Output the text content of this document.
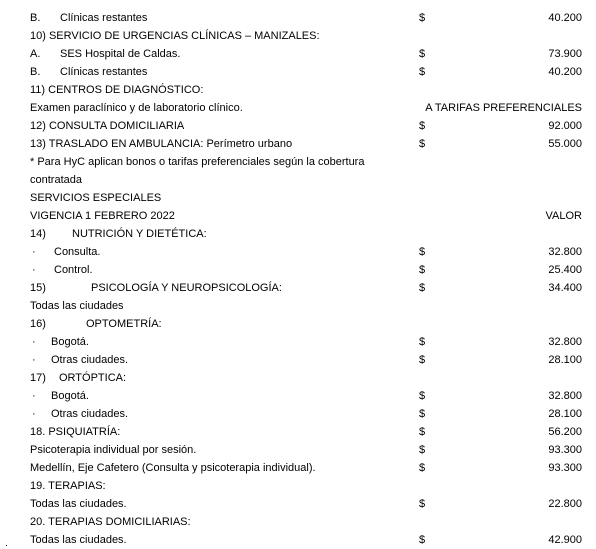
B. Clínicas restantes	$	40.200
10) SERVICIO DE URGENCIAS CLÍNICAS – MANIZALES:
A. SES Hospital de Caldas.	$	73.900
B. Clínicas restantes	$	40.200
11) CENTROS DE DIAGNÓSTICO:
Examen paraclínico y de laboratorio clínico.	A TARIFAS PREFERENCIALES
12) CONSULTA DOMICILIARIA	$	92.000
13) TRASLADO EN AMBULANCIA: Perímetro urbano	$	55.000
* Para HyC aplican bonos o tarifas preferenciales según la cobertura
contratada
SERVICIOS ESPECIALES
VIGENCIA 1 FEBRERO 2022	VALOR
14) NUTRICIÓN Y DIETÉTICA:
· Consulta.	$	32.800
· Control.	$	25.400
15)	PSICOLOGÍA Y NEUROPSICOLOGÍA:	$	34.400
Todas las ciudades
16)	OPTOMETRÍA:
· Bogotá.	$	32.800
· Otras ciudades.	$	28.100
17) ORTÓPTICA:
· Bogotá.	$	32.800
· Otras ciudades.	$	28.100
18. PSIQUIATRÍA:	$	56.200
Psicoterapia individual por sesión.	$	93.300
Medellín, Eje Cafetero (Consulta y psicoterapia individual).	$	93.300
19. TERAPIAS:
Todas las ciudades.	$	22.800
20. TERAPIAS DOMICILIARIAS:
Todas las ciudades.	$	42.900
